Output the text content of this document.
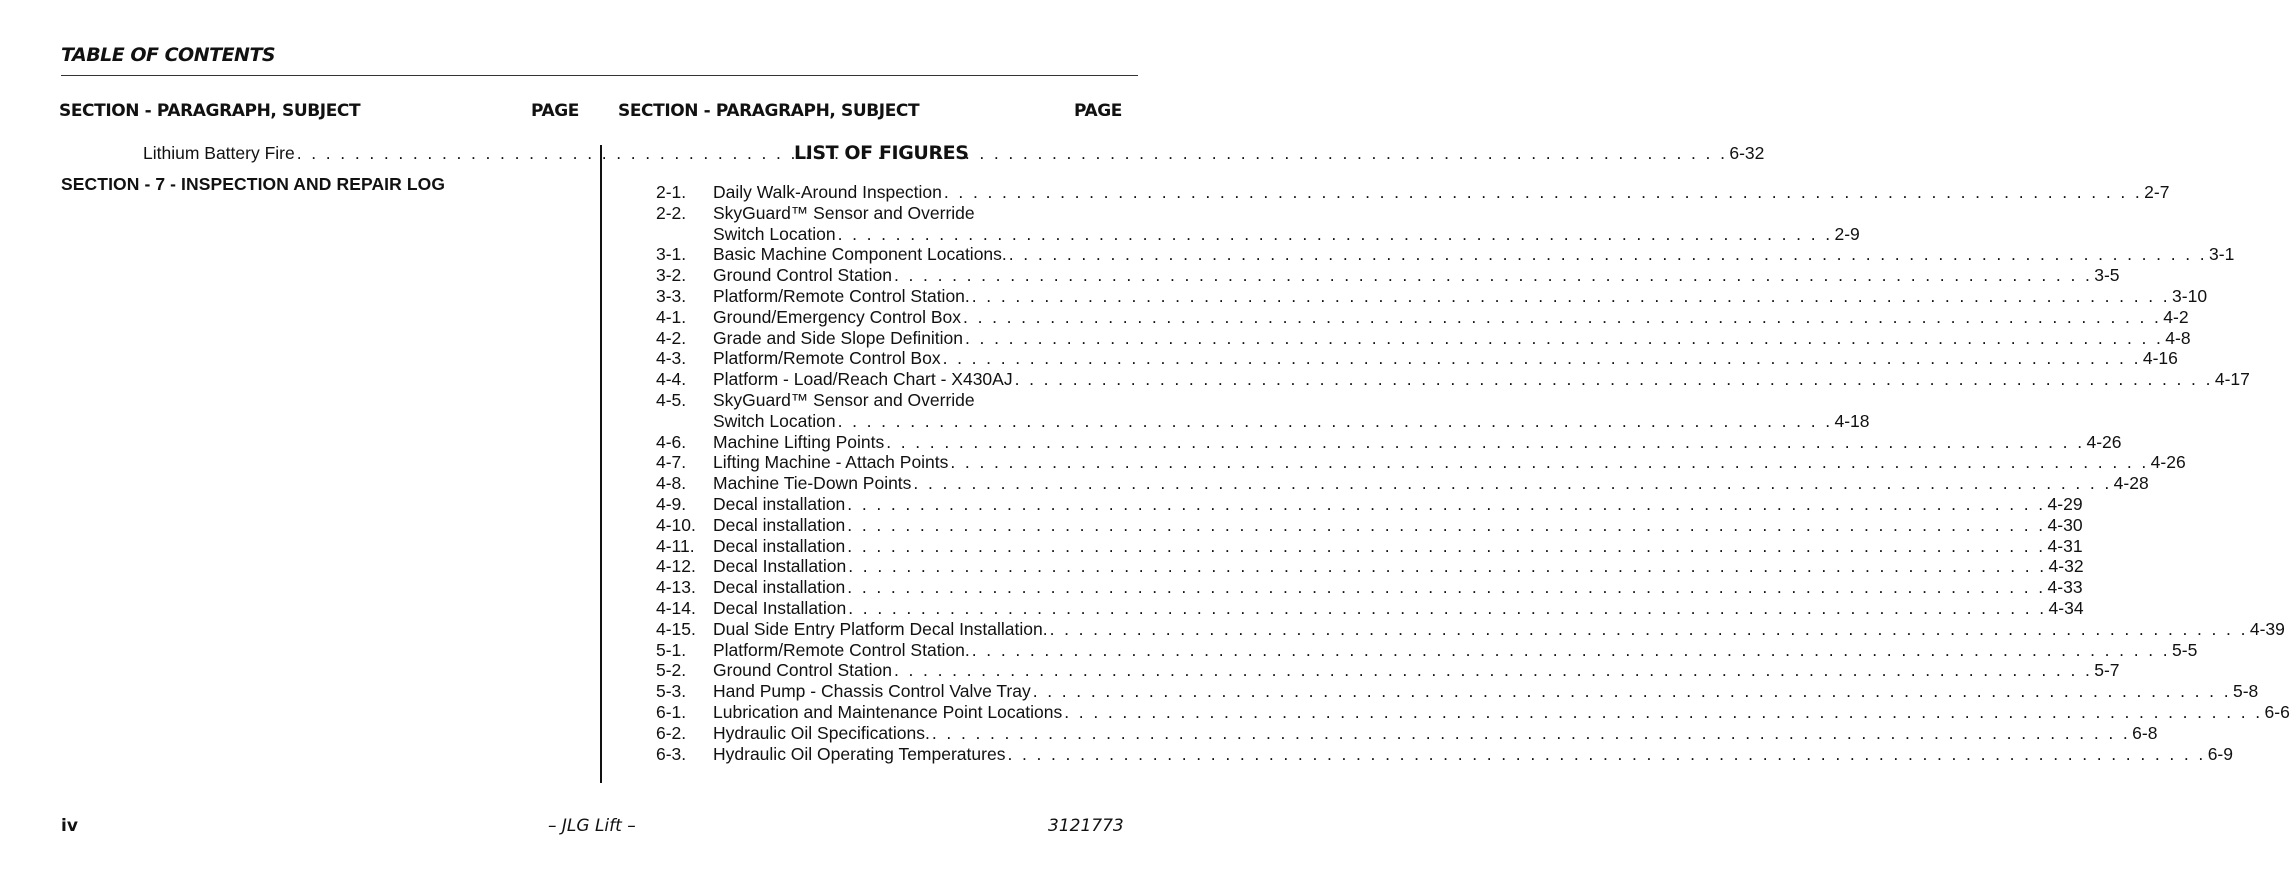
TABLE OF CONTENTS
SECTION - PARAGRAPH, SUBJECT	PAGE SECTION - PARAGRAPH, SUBJECT	PAGE
Lithium Battery Fire . . .	6-32
SECTION - 7 - INSPECTION AND REPAIR LOG
LIST OF FIGURES
2-1.	Daily Walk-Around Inspection . . .	2-7
2-2.	SkyGuard™ Sensor and Override
Switch Location . . .	2-9
3-1.	Basic Machine Component Locations. . . .	3-1
3-2.	Ground Control Station . . .	3-5
3-3.	Platform/Remote Control Station. . . .	3-10
4-1.	Ground/Emergency Control Box . . .	4-2
4-2.	Grade and Side Slope Definition . . .	4-8
4-3.	Platform/Remote Control Box . . .	4-16
4-4.	Platform - Load/Reach Chart - X430AJ . . .	4-17
4-5.	SkyGuard™ Sensor and Override
Switch Location . . .	4-18
4-6.	Machine Lifting Points . . .	4-26
4-7.	Lifting Machine - Attach Points . . .	4-26
4-8.	Machine Tie-Down Points . . .	4-28
4-9.	Decal installation . . .	4-29
4-10. Decal installation . . .	4-30
4-11.	Decal installation . . .	4-31
4-12. Decal Installation . . .	4-32
4-13. Decal installation . . .	4-33
4-14. Decal Installation . . .	4-34
4-15. Dual Side Entry Platform Decal Installation. . . .	4-39
5-1.	Platform/Remote Control Station. . . .	5-5
5-2.	Ground Control Station . . .	5-7
5-3.	Hand Pump - Chassis Control Valve Tray . . .	5-8
6-1.	Lubrication and Maintenance Point Locations . . .	6-6
6-2.	Hydraulic Oil Specifications. . . .	6-8
6-3.	Hydraulic Oil Operating Temperatures . . .	6-9
iv	– JLG Lift –	3121773
